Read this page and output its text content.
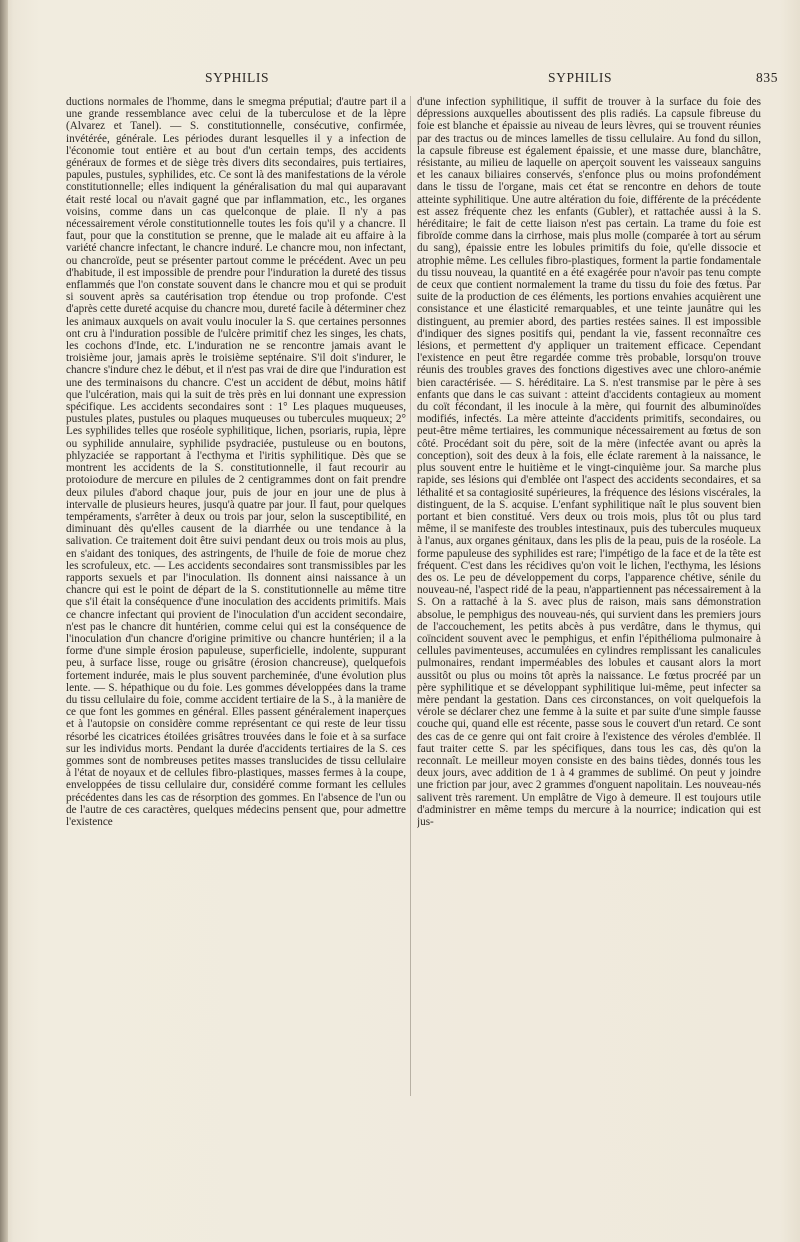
SYPHILIS	SYPHILIS	835

ductions normales de l'homme, dans le smegma préputial; d'autre part il a une grande ressemblance avec celui de la tuberculose et de la lèpre (Alvarez et Tanel). — S. constitutionnelle, consécutive, confirmée, invétérée, générale. Les périodes durant lesquelles il y a infection de l'économie tout entière et au bout d'un certain temps, des accidents généraux de formes et de siège très divers dits secondaires, puis tertiaires, papules, pustules, syphilides, etc. Ce sont là des manifestations de la vérole constitutionnelle; elles indiquent la généralisation du mal qui auparavant était resté local ou n'avait gagné que par inflammation, etc., les organes voisins, comme dans un cas quelconque de plaie. Il n'y a pas nécessairement vérole constitutionnelle toutes les fois qu'il y a chancre. Il faut, pour que la constitution se prenne, que le malade ait eu affaire à la variété chancre infectant, le chancre induré. Le chancre mou, non infectant, ou chancroïde, peut se présenter partout comme le précédent. Avec un peu d'habitude, il est impossible de prendre pour l'induration la dureté des tissus enflammés que l'on constate souvent dans le chancre mou et qui se produit si souvent après sa cautérisation trop étendue ou trop profonde. C'est d'après cette dureté acquise du chancre mou, dureté facile à déterminer chez les animaux auxquels on avait voulu inoculer la S. que certaines personnes ont cru à l'induration possible de l'ulcère primitif chez les singes, les chats, les cochons d'Inde, etc. L'induration ne se rencontre jamais avant le troisième jour, jamais après le troisième septénaire. S'il doit s'indurer, le chancre s'indure chez le début, et il n'est pas vrai de dire que l'induration est une des terminaisons du chancre. C'est un accident de début, moins hâtif que l'ulcération, mais qui la suit de très près en lui donnant une expression spécifique. Les accidents secondaires sont : 1° Les plaques muqueuses, pustules plates, pustules ou plaques muqueuses ou tubercules muqueux; 2° Les syphilides telles que roséole syphilitique, lichen, psoriaris, rupia, lèpre ou syphilide annulaire, syphilide psydraciée, pustuleuse ou en boutons, phlyzaciée se rapportant à l'ecthyma et l'iritis syphilitique. Dès que se montrent les accidents de la S. constitutionnelle, il faut recourir au protoiodure de mercure en pilules de 2 centigrammes dont on fait prendre deux pilules d'abord chaque jour, puis de jour en jour une de plus à intervalle de plusieurs heures, jusqu'à quatre par jour. Il faut, pour quelques tempéraments, s'arrêter à deux ou trois par jour, selon la susceptibilité, en diminuant dès qu'elles causent de la diarrhée ou une tendance à la salivation. Ce traitement doit être suivi pendant deux ou trois mois au plus, en s'aidant des toniques, des astringents, de l'huile de foie de morue chez les scrofuleux, etc. — Les accidents secondaires sont transmissibles par les rapports sexuels et par l'inoculation. Ils donnent ainsi naissance à un chancre qui est le point de départ de la S. constitutionnelle au même titre que s'il était la conséquence d'une inoculation des accidents primitifs. Mais ce chancre infectant qui provient de l'inoculation d'un accident secondaire, n'est pas le chancre dit huntérien, comme celui qui est la conséquence de l'inoculation d'un chancre d'origine primitive ou chancre huntérien; il a la forme d'une simple érosion papuleuse, superficielle, indolente, suppurant peu, à surface lisse, rouge ou grisâtre (érosion chancreuse), quelquefois fortement indurée, mais le plus souvent parcheminée, d'une évolution plus lente. — S. hépathique ou du foie. Les gommes développées dans la trame du tissu cellulaire du foie, comme accident tertiaire de la S., à la manière de ce que font les gommes en général. Elles passent généralement inaperçues et à l'autopsie on considère comme représentant ce qui reste de leur tissu résorbé les cicatrices étoilées grisâtres trouvées dans le foie et à sa surface sur les individus morts. Pendant la durée d'accidents tertiaires de la S. ces gommes sont de nombreuses petites masses translucides de tissu cellulaire à l'état de noyaux et de cellules fibro-plastiques, masses fermes à la coupe, enveloppées de tissu cellulaire dur, considéré comme formant les cellules précédentes dans les cas de résorption des gommes. En l'absence de l'un ou de l'autre de ces caractères, quelques médecins pensent que, pour admettre l'existence

d'une infection syphilitique, il suffit de trouver à la surface du foie des dépressions auxquelles aboutissent des plis radiés. La capsule fibreuse du foie est blanche et épaissie au niveau de leurs lèvres, qui se trouvent réunies par des tractus ou de minces lamelles de tissu cellulaire. Au fond du sillon, la capsule fibreuse est également épaissie, et une masse dure, blanchâtre, résistante, au milieu de laquelle on aperçoit souvent les vaisseaux sanguins et les canaux biliaires conservés, s'enfonce plus ou moins profondément dans le tissu de l'organe, mais cet état se rencontre en dehors de toute atteinte syphilitique. Une autre altération du foie, différente de la précédente est assez fréquente chez les enfants (Gubler), et rattachée aussi à la S. héréditaire; le fait de cette liaison n'est pas certain. La trame du foie est fibroïde comme dans la cirrhose, mais plus molle (comparée à tort au sérum du sang), épaissie entre les lobules primitifs du foie, qu'elle dissocie et atrophie même. Les cellules fibro-plastiques, forment la partie fondamentale du tissu nouveau, la quantité en a été exagérée pour n'avoir pas tenu compte de ceux que contient normalement la trame du tissu du foie des fœtus. Par suite de la production de ces éléments, les portions envahies acquièrent une consistance et une élasticité remarquables, et une teinte jaunâtre qui les distinguent, au premier abord, des parties restées saines. Il est impossible d'indiquer des signes positifs qui, pendant la vie, fassent reconnaître ces lésions, et permettent d'y appliquer un traitement efficace. Cependant l'existence en peut être regardée comme très probable, lorsqu'on trouve réunis des troubles graves des fonctions digestives avec une chloro-anémie bien caractérisée. — S. héréditaire. La S. n'est transmise par le père à ses enfants que dans le cas suivant : atteint d'accidents contagieux au moment du coït fécondant, il les inocule à la mère, qui fournit des albuminoïdes modifiés, infectés. La mère atteinte d'accidents primitifs, secondaires, ou peut-être même tertiaires, les communique nécessairement au fœtus de son côté. Procédant soit du père, soit de la mère (infectée avant ou après la conception), soit des deux à la fois, elle éclate rarement à la naissance, le plus souvent entre le huitième et le vingt-cinquième jour. Sa marche plus rapide, ses lésions qui d'emblée ont l'aspect des accidents secondaires, et sa léthalité et sa contagiosité supérieures, la fréquence des lésions viscérales, la distinguent, de la S. acquise. L'enfant syphilitique naît le plus souvent bien portant et bien constitué. Vers deux ou trois mois, plus tôt ou plus tard même, il se manifeste des troubles intestinaux, puis des tubercules muqueux à l'anus, aux organes génitaux, dans les plis de la peau, puis de la roséole. La forme papuleuse des syphilides est rare; l'impétigo de la face et de la tête est fréquent. C'est dans les récidives qu'on voit le lichen, l'ecthyma, les lésions des os. Le peu de développement du corps, l'apparence chétive, sénile du nouveau-né, l'aspect ridé de la peau, n'appartiennent pas nécessairement à la S. On a rattaché à la S. avec plus de raison, mais sans démonstration absolue, le pemphigus des nouveau-nés, qui survient dans les premiers jours de l'accouchement, les petits abcès à pus verdâtre, dans le thymus, qui coïncident souvent avec le pemphigus, et enfin l'épithélioma pulmonaire à cellules pavimenteuses, accumulées en cylindres remplissant les canalicules pulmonaires, rendant imperméables des lobules et causant alors la mort aussitôt ou plus ou moins tôt après la naissance. Le fœtus procréé par un père syphilitique et se développant syphilitique lui-même, peut infecter sa mère pendant la gestation. Dans ces circonstances, on voit quelquefois la vérole se déclarer chez une femme à la suite et par suite d'une simple fausse couche qui, quand elle est récente, passe sous le couvert d'un retard. Ce sont des cas de ce genre qui ont fait croire à l'existence des véroles d'emblée. Il faut traiter cette S. par les spécifiques, dans tous les cas, dès qu'on la reconnaît. Le meilleur moyen consiste en des bains tièdes, donnés tous les deux jours, avec addition de 1 à 4 grammes de sublimé. On peut y joindre une friction par jour, avec 2 grammes d'onguent napolitain. Les nouveau-nés salivent très rarement. Un emplâtre de Vigo à demeure. Il est toujours utile d'administrer en même temps du mercure à la nourrice; indication qui est jus-
